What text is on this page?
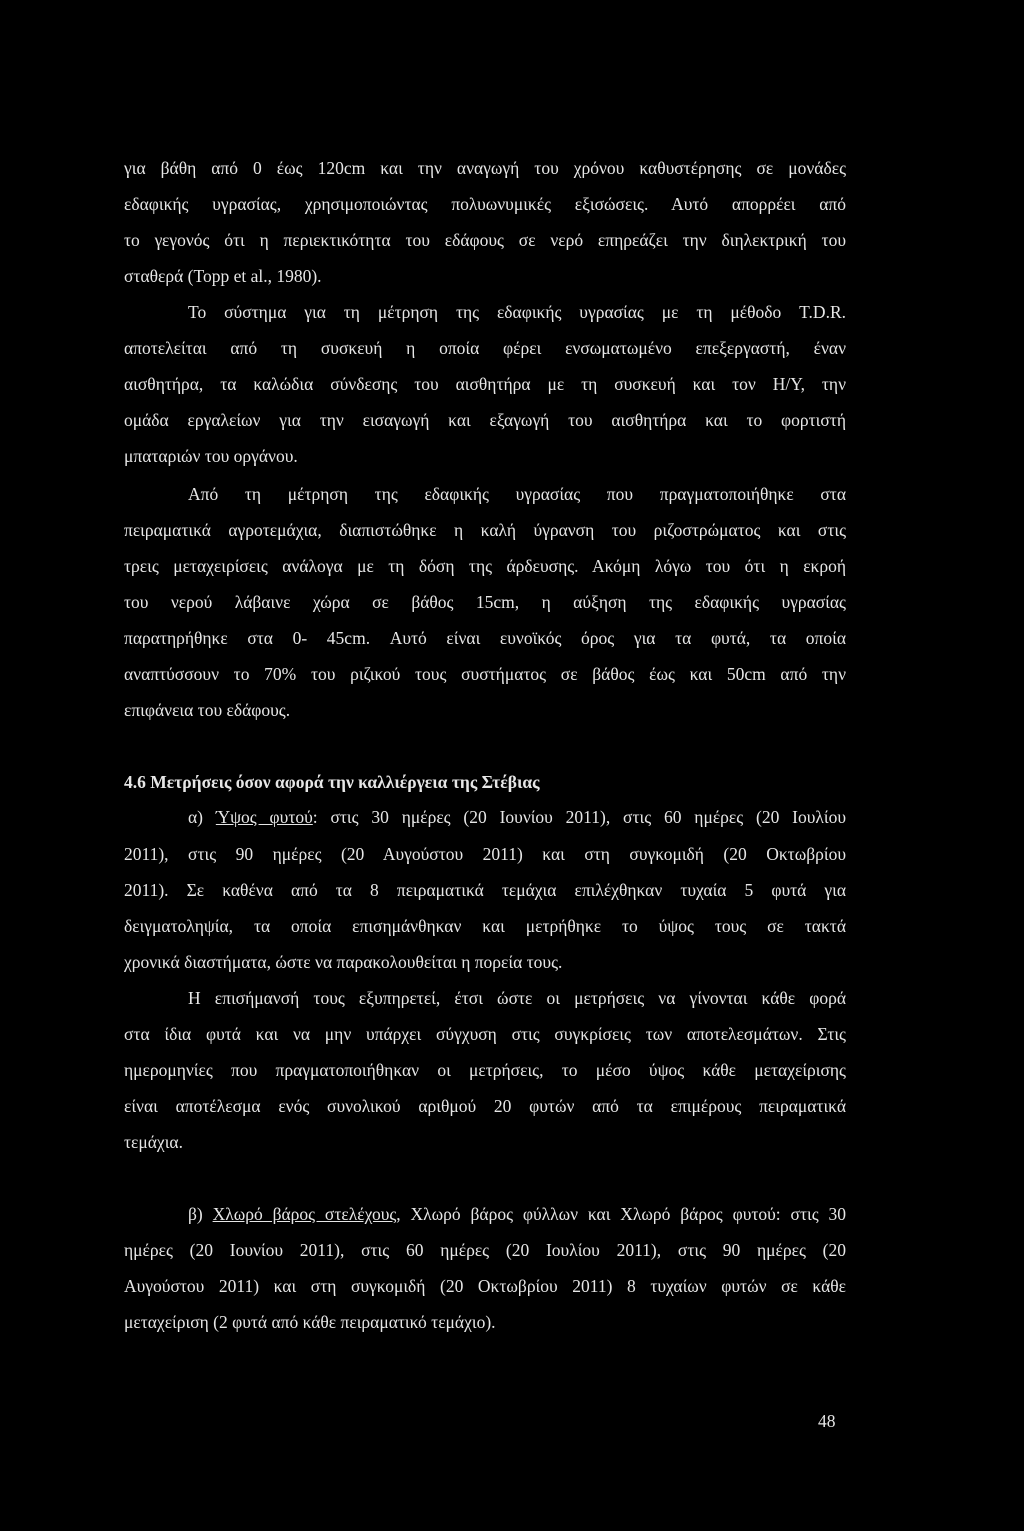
για βάθη από 0 έως 120cm και την αναγωγή του χρόνου καθυστέρησης σε μονάδες
εδαφικής υγρασίας, χρησιμοποιώντας πολυωνυμικές εξισώσεις. Αυτό απορρέει από
το γεγονός ότι η περιεκτικότητα του εδάφους σε νερό επηρεάζει την διηλεκτρική του
σταθερά (Topp et al., 1980).
Το σύστημα για τη μέτρηση της εδαφικής υγρασίας με τη μέθοδο T.D.R.
αποτελείται από τη συσκευή η οποία φέρει ενσωματωμένο επεξεργαστή, έναν
αισθητήρα, τα καλώδια σύνδεσης του αισθητήρα με τη συσκευή και τον Η/Υ, την
ομάδα εργαλείων για την εισαγωγή και εξαγωγή του αισθητήρα και το φορτιστή
μπαταριών του οργάνου.
Από τη μέτρηση της εδαφικής υγρασίας που πραγματοποιήθηκε στα
πειραματικά αγροτεμάχια, διαπιστώθηκε η καλή ύγρανση του ριζοστρώματος και στις
τρεις μεταχειρίσεις ανάλογα με τη δόση της άρδευσης. Ακόμη λόγω του ότι η εκροή
του νερού λάβαινε χώρα σε βάθος 15cm, η αύξηση της εδαφικής υγρασίας
παρατηρήθηκε στα 0- 45cm. Αυτό είναι ευνοϊκός όρος για τα φυτά, τα οποία
αναπτύσσουν το 70% του ριζικού τους συστήματος σε βάθος έως και 50cm από την
επιφάνεια του εδάφους.
4.6 Μετρήσεις όσον αφορά την καλλιέργεια της Στέβιας
α) Ύψος φυτού: στις 30 ημέρες (20 Ιουνίου 2011), στις 60 ημέρες (20 Ιουλίου
2011), στις 90 ημέρες (20 Αυγούστου 2011) και στη συγκομιδή (20 Οκτωβρίου
2011). Σε καθένα από τα 8 πειραματικά τεμάχια επιλέχθηκαν τυχαία 5 φυτά για
δειγματοληψία, τα οποία επισημάνθηκαν και μετρήθηκε το ύψος τους σε τακτά
χρονικά διαστήματα, ώστε να παρακολουθείται η πορεία τους.
Η επισήμανσή τους εξυπηρετεί, έτσι ώστε οι μετρήσεις να γίνονται κάθε φορά
στα ίδια φυτά και να μην υπάρχει σύγχυση στις συγκρίσεις των αποτελεσμάτων. Στις
ημερομηνίες που πραγματοποιήθηκαν οι μετρήσεις, το μέσο ύψος κάθε μεταχείρισης
είναι αποτέλεσμα ενός συνολικού αριθμού 20 φυτών από τα επιμέρους πειραματικά
τεμάχια.
β) Χλωρό βάρος στελέχους, Χλωρό βάρος φύλλων και Χλωρό βάρος φυτού: στις 30
ημέρες (20 Ιουνίου 2011), στις 60 ημέρες (20 Ιουλίου 2011), στις 90 ημέρες (20
Αυγούστου 2011) και στη συγκομιδή (20 Οκτωβρίου 2011) 8 τυχαίων φυτών σε κάθε
μεταχείριση (2 φυτά από κάθε πειραματικό τεμάχιο).
48
